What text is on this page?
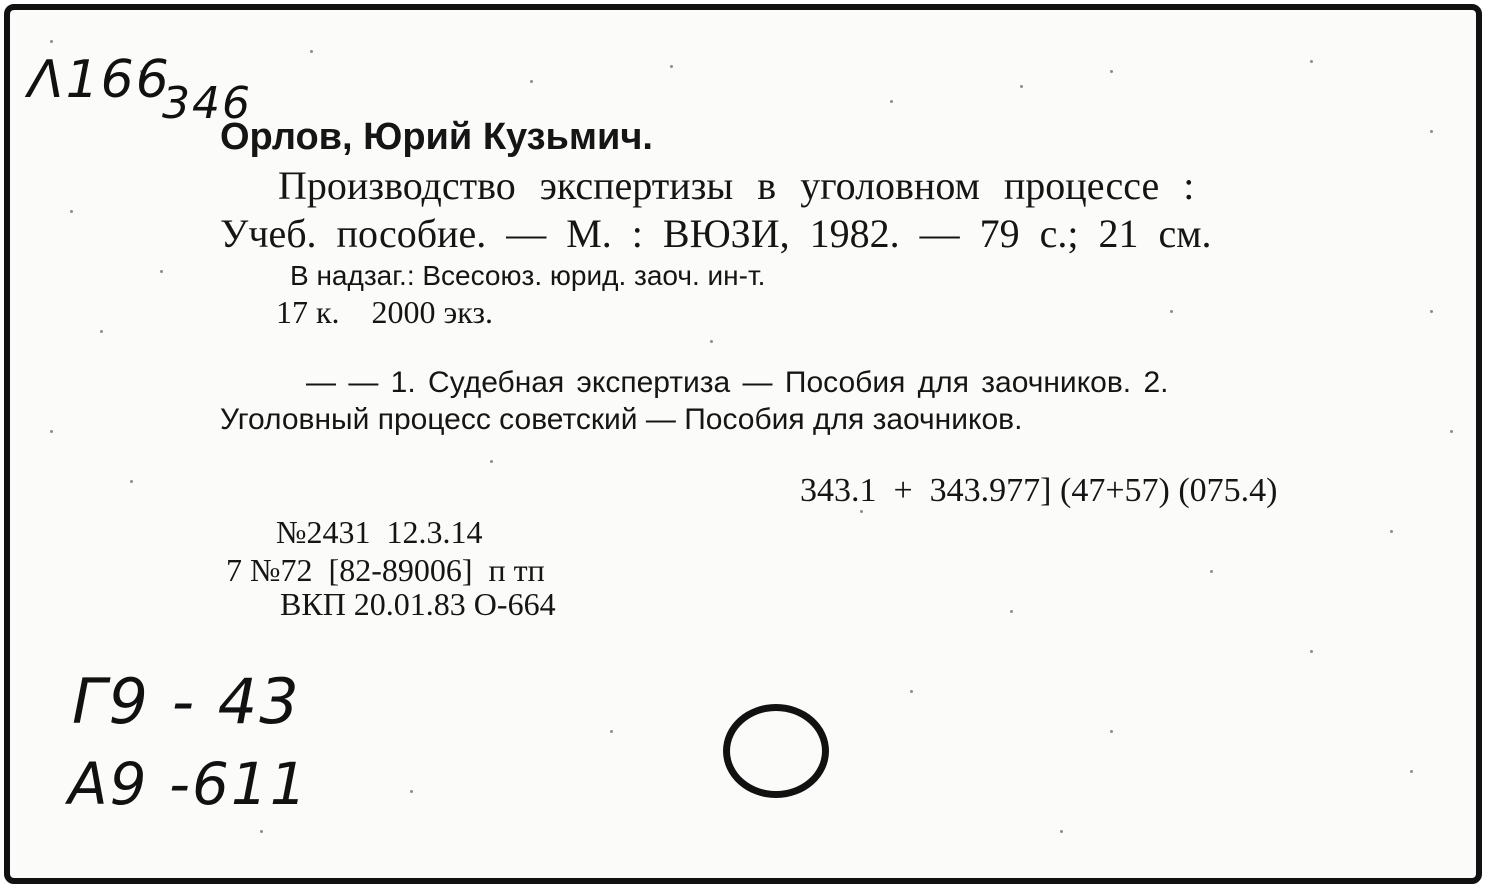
Λ166
346
Г9 - 43
А9 -611
Орлов, Юрий Кузьмич.
Производство экспертизы в уголовном процессе :
Учеб. пособие. — М. : ВЮЗИ, 1982. — 79 с.; 21 см.
В надзаг.: Всесоюз. юрид. заоч. ин-т.
17 к.    2000 экз.
— — 1. Судебная экспертиза — Пособия для заочников. 2.
Уголовный процесс советский — Пособия для заочников.
343.1  +  343.977] (47+57) (075.4)
№2431  12.3.14
7 №72  [82-89006]  п тп
ВКП 20.01.83 О-664
